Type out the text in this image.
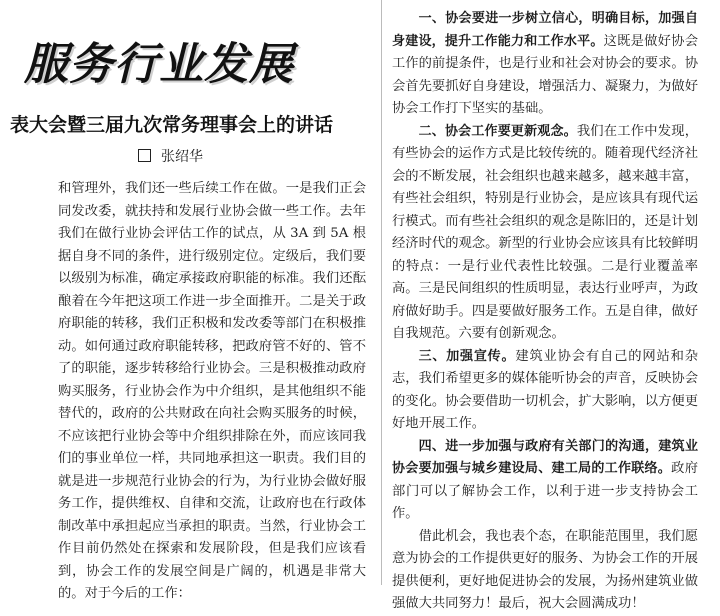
服务行业发展
表大会暨三届九次常务理事会上的讲话
张绍华

和管理外，我们还一些后续工作在做。一是我们正会同发改委，就扶持和发展行业协会做一些工作。去年我们在做行业协会评估工作的试点，从 3A 到 5A 根据自身不同的条件，进行级别定位。定级后，我们要以级别为标准，确定承接政府职能的标准。我们还酝酿着在今年把这项工作进一步全面推开。二是关于政府职能的转移，我们正积极和发改委等部门在积极推动。如何通过政府职能转移，把政府管不好的、管不了的职能，逐步转移给行业协会。三是积极推动政府购买服务，行业协会作为中介组织，是其他组织不能替代的，政府的公共财政在向社会购买服务的时候，不应该把行业协会等中介组织排除在外，而应该同我们的事业单位一样，共同地承担这一职责。我们目的就是进一步规范行业协会的行为，为行业协会做好服务工作，提供维权、自律和交流，让政府也在行政体制改革中承担起应当承担的职责。当然，行业协会工作目前仍然处在探索和发展阶段，但是我们应该看到，协会工作的发展空间是广阔的，机遇是非常大的。对于今后的工作：

一、协会要进一步树立信心，明确目标，加强自身建设，提升工作能力和工作水平。这既是做好协会工作的前提条件，也是行业和社会对协会的要求。协会首先要抓好自身建设，增强活力、凝聚力，为做好协会工作打下坚实的基础。

二、协会工作要更新观念。我们在工作中发现，有些协会的运作方式是比较传统的。随着现代经济社会的不断发展，社会组织也越来越多，越来越丰富，有些社会组织，特别是行业协会，是应该具有现代运行模式。而有些社会组织的观念是陈旧的，还是计划经济时代的观念。新型的行业协会应该具有比较鲜明的特点：一是行业代表性比较强。二是行业覆盖率高。三是民间组织的性质明显，表达行业呼声，为政府做好助手。四是要做好服务工作。五是自律，做好自我规范。六要有创新观念。

三、加强宣传。建筑业协会有自己的网站和杂志，我们希望更多的媒体能听协会的声音，反映协会的变化。协会要借助一切机会，扩大影响，以方便更好地开展工作。

四、进一步加强与政府有关部门的沟通，建筑业协会要加强与城乡建设局、建工局的工作联络。政府部门可以了解协会工作，以利于进一步支持协会工作。

借此机会，我也表个态，在职能范围里，我们愿意为协会的工作提供更好的服务、为协会工作的开展提供便利，更好地促进协会的发展，为扬州建筑业做强做大共同努力！最后，祝大会圆满成功！
